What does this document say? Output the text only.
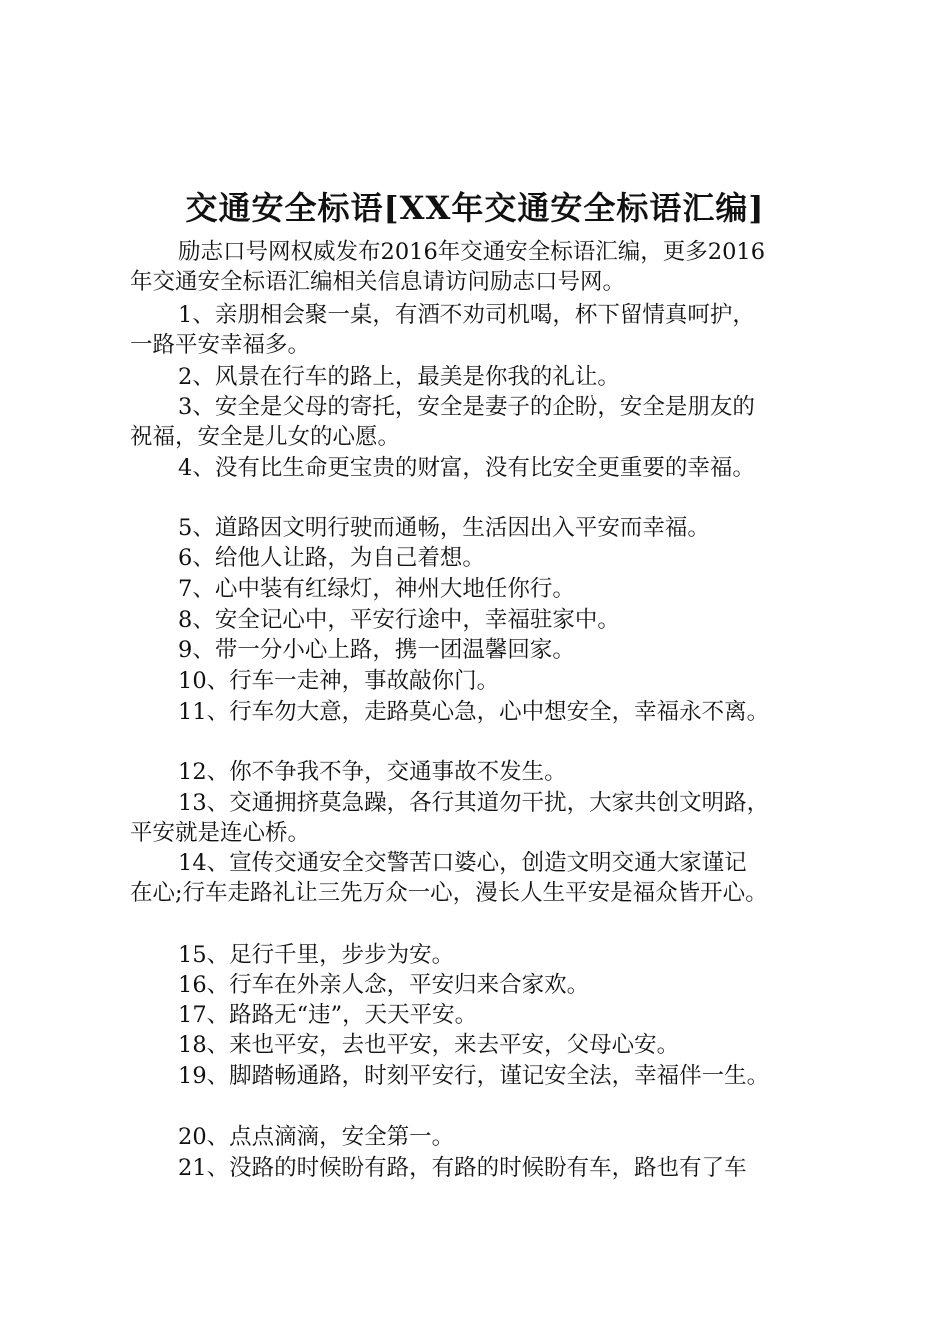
交通安全标语[XX年交通安全标语汇编]
励志口号网权威发布2016年交通安全标语汇编，更多2016
年交通安全标语汇编相关信息请访问励志口号网。
1、亲朋相会聚一桌，有酒不劝司机喝，杯下留情真呵护，
一路平安幸福多。
2、风景在行车的路上，最美是你我的礼让。
3、安全是父母的寄托，安全是妻子的企盼，安全是朋友的
祝福，安全是儿女的心愿。
4、没有比生命更宝贵的财富，没有比安全更重要的幸福。
5、道路因文明行驶而通畅，生活因出入平安而幸福。
6、给他人让路，为自己着想。
7、心中装有红绿灯，神州大地任你行。
8、安全记心中，平安行途中，幸福驻家中。
9、带一分小心上路，携一团温馨回家。
10、行车一走神，事故敲你门。
11、行车勿大意，走路莫心急，心中想安全，幸福永不离。
12、你不争我不争，交通事故不发生。
13、交通拥挤莫急躁，各行其道勿干扰，大家共创文明路，
平安就是连心桥。
14、宣传交通安全交警苦口婆心，创造文明交通大家谨记
在心;行车走路礼让三先万众一心，漫长人生平安是福众皆开心。
15、足行千里，步步为安。
16、行车在外亲人念，平安归来合家欢。
17、路路无“违”，天天平安。
18、来也平安，去也平安，来去平安，父母心安。
19、脚踏畅通路，时刻平安行，谨记安全法，幸福伴一生。
20、点点滴滴，安全第一。
21、没路的时候盼有路，有路的时候盼有车，路也有了车
